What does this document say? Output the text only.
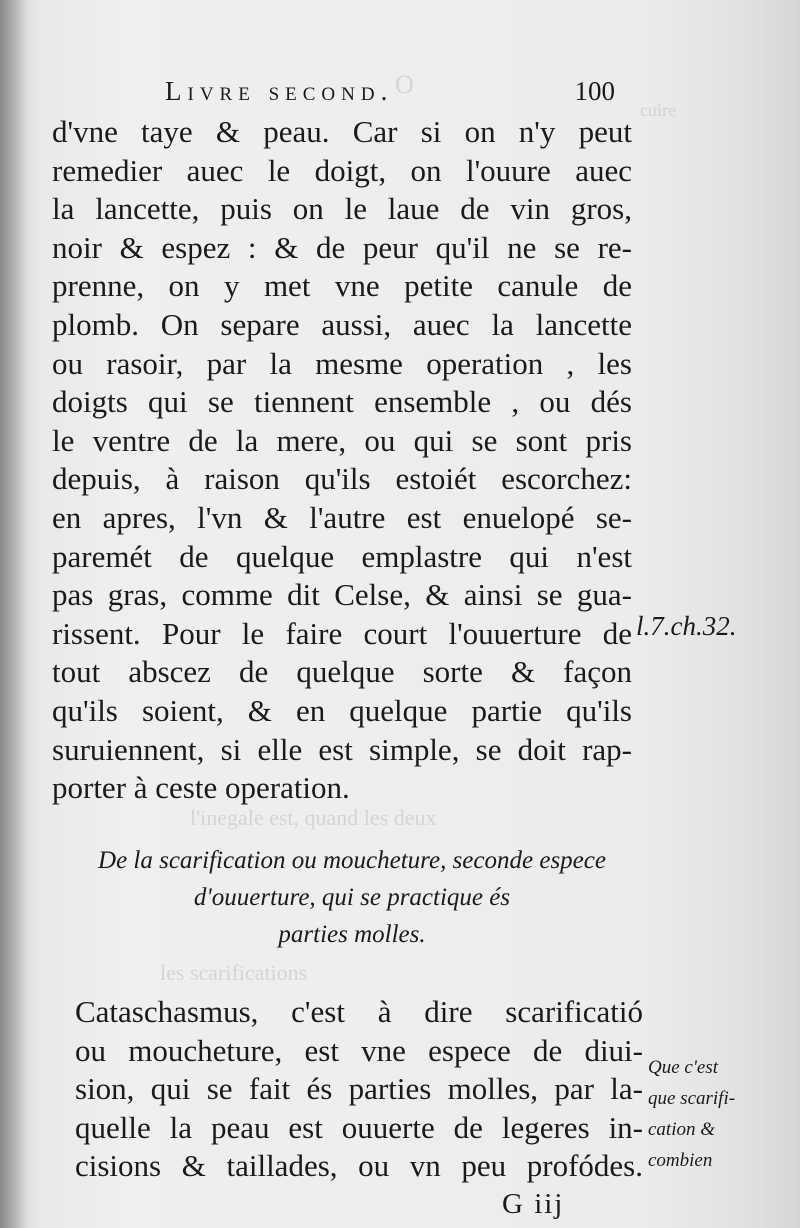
O
cuire

l'inegale est, quand les deux
les scarifications
Livre second.	100
d'vne taye & peau. Car si on n'y peut
remedier auec le doigt, on l'ouure auec
la lancette, puis on le laue de vin gros,
noir & espez : & de peur qu'il ne se re-
prenne, on y met vne petite canule de
plomb. On separe aussi, auec la lancette
ou rasoir, par la mesme operation , les
doigts qui se tiennent ensemble , ou dés
le ventre de la mere, ou qui se sont pris
depuis, à raison qu'ils estoiét escorchez:
en apres, l'vn & l'autre est enuelopé se-
paremét de quelque emplastre qui n'est
pas gras, comme dit Celse, & ainsi se gua-
rissent. Pour le faire court l'ouuerture de
tout abscez de quelque sorte & façon
qu'ils soient, & en quelque partie qu'ils
suruiennent, si elle est simple, se doit rap-
porter à ceste operation.
l.7.ch.32.
De la scarification ou moucheture, seconde espece
d'ouuerture, qui se practique és
parties molles.
Cataschasmus, c'est à dire scarificatió
ou moucheture, est vne espece de diui-
sion, qui se fait és parties molles, par la-
quelle la peau est ouuerte de legeres in-
cisions & taillades, ou vn peu profódes.
Que c'est
que scarifi-
cation &
combien
G iij
